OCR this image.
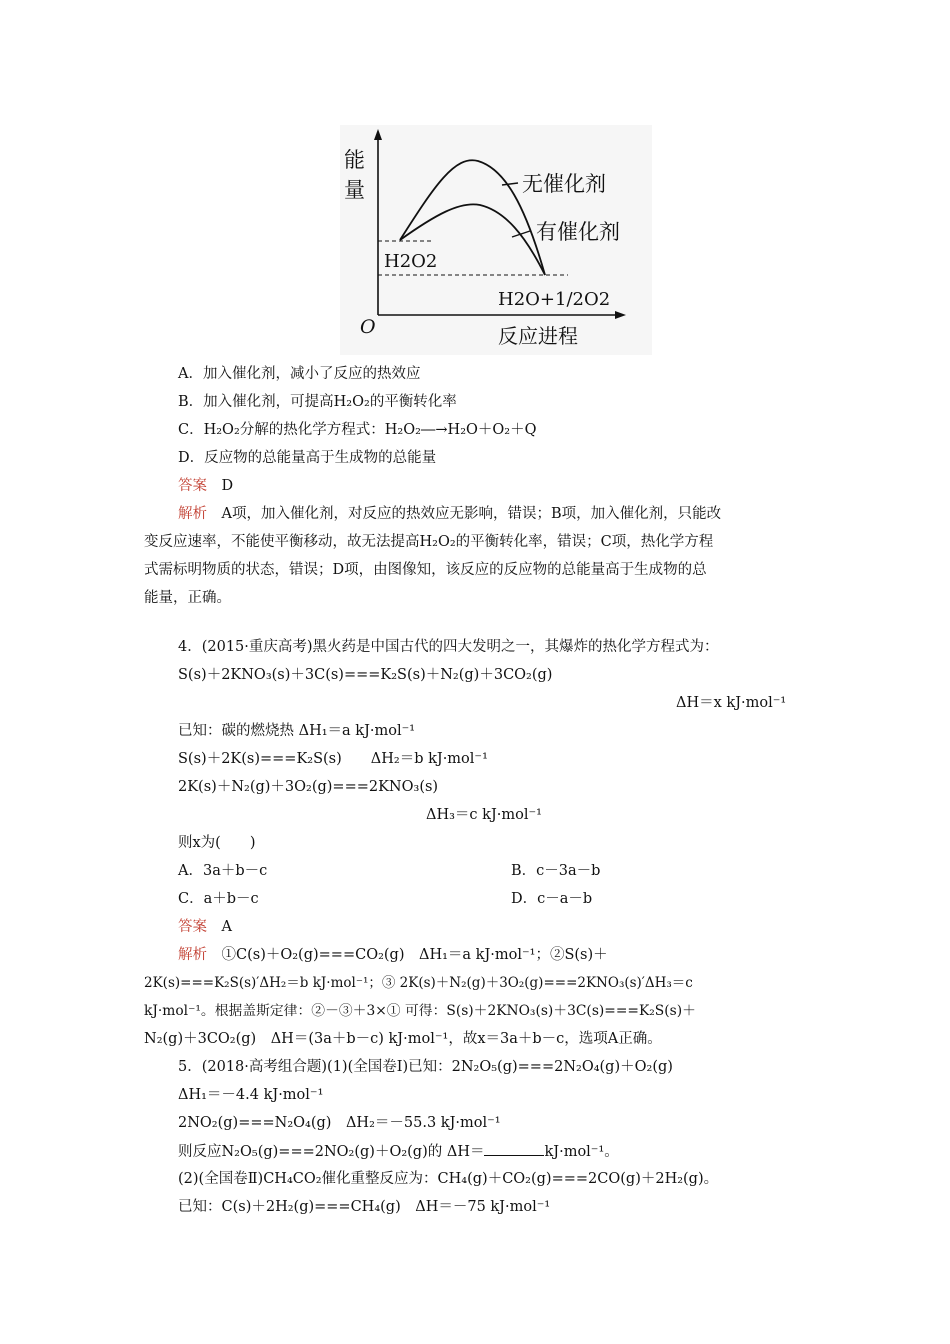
能
量
O	反应进程
无催化剂
有催化剂
H2O2
H2O+1/2O2
A．加入催化剂，减小了反应的热效应
B．加入催化剂，可提高H₂O₂的平衡转化率
C．H₂O₂分解的热化学方程式：H₂O₂―→H₂O＋O₂＋Q
D．反应物的总能量高于生成物的总能量
答案　 D
解析　 A项，加入催化剂，对反应的热效应无影响，错误；B项，加入催化剂，只能改
变反应速率，不能使平衡移动，故无法提高H₂O₂的平衡转化率，错误；C项，热化学方程
式需标明物质的状态，错误；D项，由图像知，该反应的反应物的总能量高于生成物的总
能量，正确。
4．(2015·重庆高考)黑火药是中国古代的四大发明之一，其爆炸的热化学方程式为：
S(s)＋2KNO₃(s)＋3C(s)===K₂S(s)＋N₂(g)＋3CO₂(g)
ΔH＝x kJ·mol⁻¹
已知：碳的燃烧热 ΔH₁＝a kJ·mol⁻¹
S(s)＋2K(s)===K₂S(s)　　ΔH₂＝b kJ·mol⁻¹
2K(s)＋N₂(g)＋3O₂(g)===2KNO₃(s)
ΔH₃＝c kJ·mol⁻¹
则x为(　　)
A．3a＋b－c	B．c－3a－b
C．a＋b－c	D．c－a－b
答案　 A
解析　 ①C(s)＋O₂(g)===CO₂(g)　ΔH₁＝a kJ·mol⁻¹；②S(s)＋
2K(s)===K₂S(s)′ΔH₂＝b kJ·mol⁻¹；③ 2K(s)＋N₂(g)＋3O₂(g)===2KNO₃(s)′ΔH₃＝c
kJ·mol⁻¹。根据盖斯定律：②－③＋3×① 可得：S(s)＋2KNO₃(s)＋3C(s)===K₂S(s)＋
N₂(g)＋3CO₂(g)　ΔH＝(3a＋b－c) kJ·mol⁻¹，故x＝3a＋b－c，选项A正确。
5．(2018·高考组合题)(1)(全国卷Ⅰ)已知：2N₂O₅(g)===2N₂O₄(g)＋O₂(g)
ΔH₁＝－4.4 kJ·mol⁻¹
2NO₂(g)===N₂O₄(g)　ΔH₂＝－55.3 kJ·mol⁻¹
则反应N₂O₅(g)===2NO₂(g)＋O₂(g)的 ΔH＝	kJ·mol⁻¹。
(2)(全国卷Ⅱ)CH₄CO₂催化重整反应为：CH₄(g)＋CO₂(g)===2CO(g)＋2H₂(g)。
已知：C(s)＋2H₂(g)===CH₄(g)　ΔH＝－75 kJ·mol⁻¹
